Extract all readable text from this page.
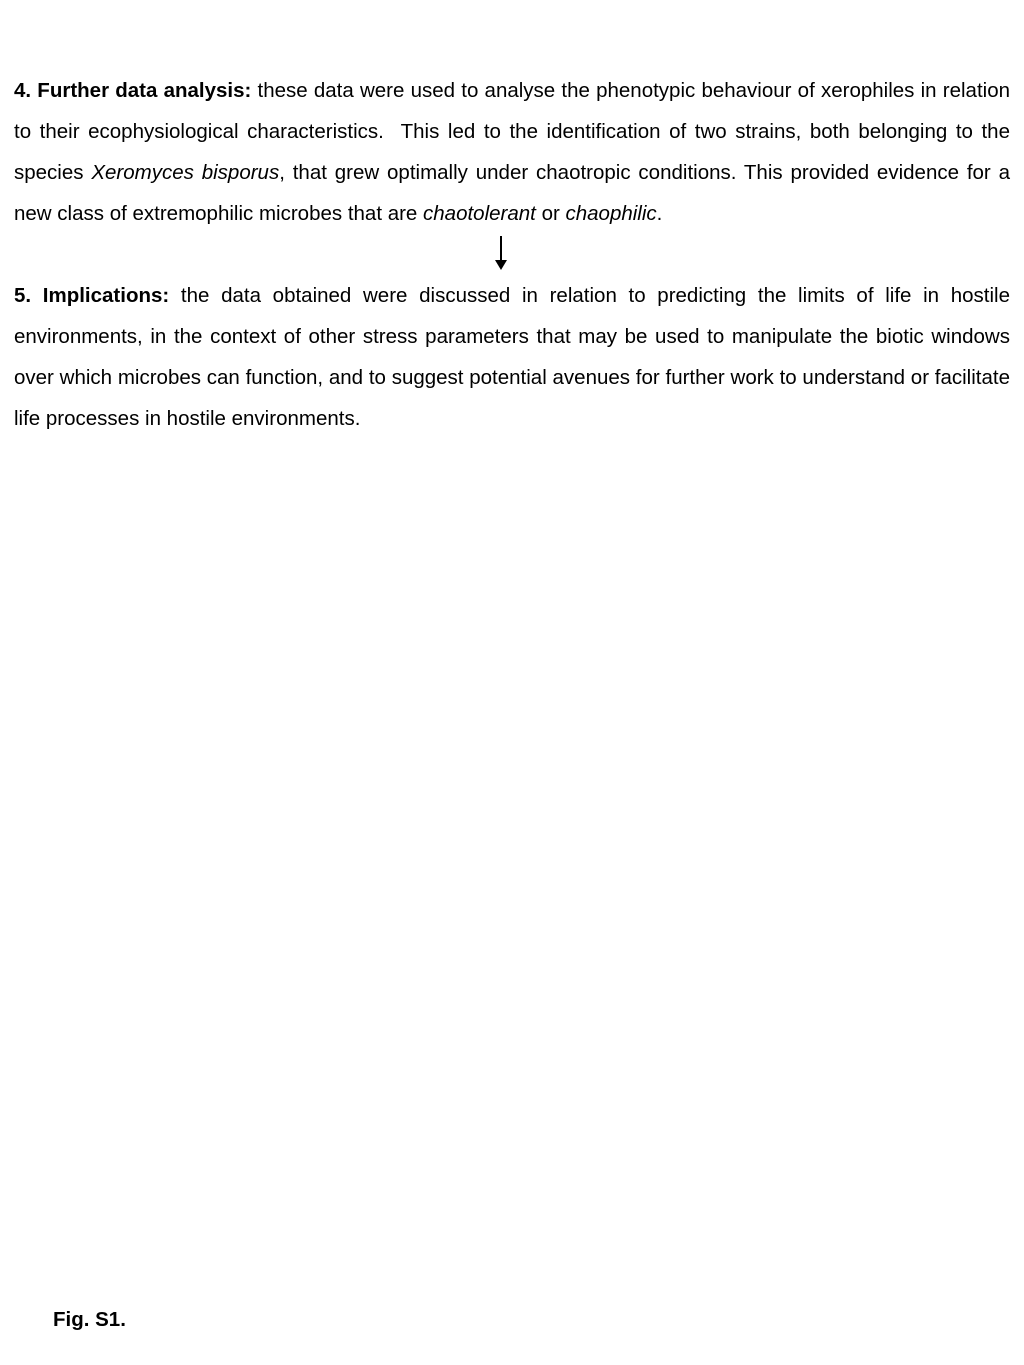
4. Further data analysis: these data were used to analyse the phenotypic behaviour of xerophiles in relation to their ecophysiological characteristics.  This led to the identification of two strains, both belonging to the species Xeromyces bisporus, that grew optimally under chaotropic conditions. This provided evidence for a new class of extremophilic microbes that are chaotolerant or chaophilic.

5. Implications: the data obtained were discussed in relation to predicting the limits of life in hostile environments, in the context of other stress parameters that may be used to manipulate the biotic windows over which microbes can function, and to suggest potential avenues for further work to understand or facilitate life processes in hostile environments.

Fig. S1.
